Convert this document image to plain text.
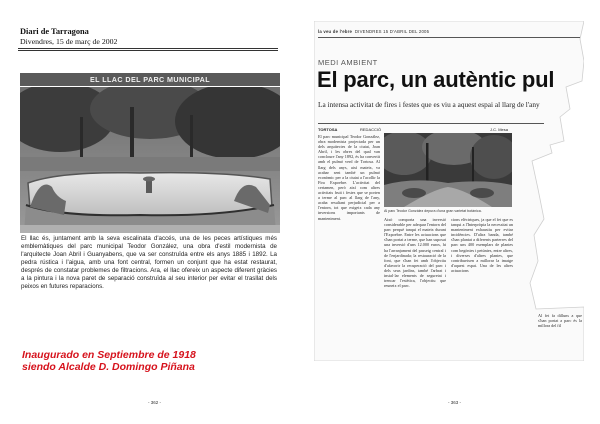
Diari de Tarragona
Divendres, 15 de març de 2002
EL LLAC DEL PARC MUNICIPAL

El llac és, juntament amb la seva escalinata d'accés, una de les peces artístiques més emblemàtiques del parc municipal Teodor González, una obra d'estil modernista de l'arquitecte Joan Abril i Guanyabens, que va ser construïda entre els anys 1885 i 1892. La pedra rústica i l'aigua, amb una font central, formen un conjunt que ha estat restaurat, després de constatar problemes de filtracions. Ara, el llac ofereix un aspecte diferent gràcies a la pintura i la nova paret de separació construïda al seu interior per evitar el trasllat dels peixos en futures reparacions.

Inaugurado en Septiembre de 1918
siendo Alcalde D. Domingo Piñana
- 362 -	- 363 -
la veu de l'ebre DIVENDRES 15 D'ABRIL DEL 2005
MEDI AMBIENT
El parc, un autèntic pul
La intensa activitat de fires i festes que es viu a aquest espai al llarg de l'any
TORTOSA	REDACCIÓ	J.C. Mesa

El parc municipal Teodor González, obra modernista projectada per un dels arquitectes de la ciutat, Joan Abril, i les obres del qual van concloure l'any 1892, és ha convertit amb el pulmó verd de Tortosa. Al llarg dels anys, així mateix, va acabar sent també un pulmó econòmic per a la ciutat a l'acollir la Fira Expoebre. L'activitat del certamen, però així com altres activitats fruit i festes que se porten a terme al parc al llarg de l'any, acaba resultant perjudicial per a l'entorn, tot que exigeix cada any inversions importants de manteniment.

Al parc Teodor González depura d'una gran varietat botànica.

Això comporta una inversió considerable per adequar l'entorn del parc perquè tanqui el mateix durant l'Expoebre. Entre les actuacions que s'han portat a terme, que han suposat una inversió d'uns 12.000 euros, hi ha l'arranjament del passeig central i de l'enjardinada; la restauració de la font, que s'han fet amb l'objectiu d'afavorir la recuperació del parc i dels seus jardins, també l'arbrat i instal·lar elements de seguretat i trencar l'estètica, l'objectiu que reuneix el parc.

cions elèctriques, ja que el fet que es tanqui a l'Interpròpia la necessitat un manteniment exhaustiu per evitar incidències. D'altra banda, també s'han plantat a diferents parterres del parc uns 400 exemplars de plantes com begònies i petúnies, entre altres, i diverses d'altres plantes, que contribueixen a millorar la imatge d'aquest espai. Una de les altres actuacions

Al fet fa dilluns a que s'han portat a parc és la millora del fil
